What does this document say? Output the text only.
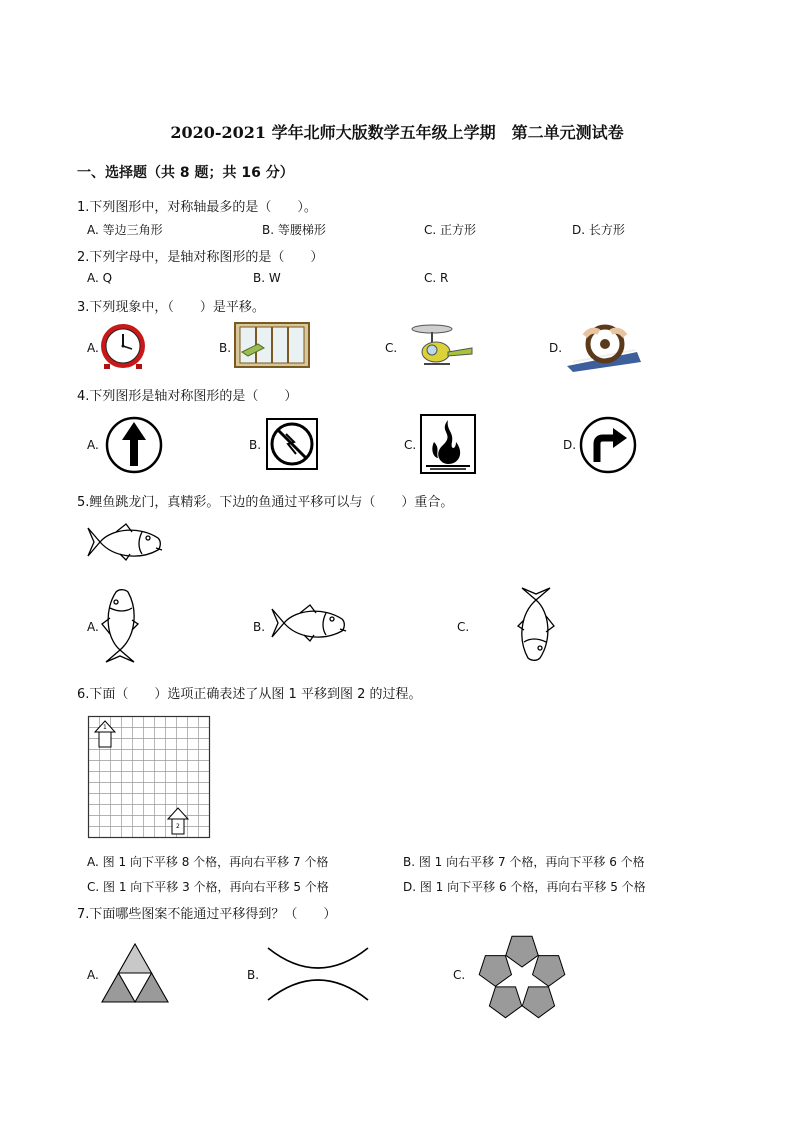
2020-2021 学年北师大版数学五年级上学期　第二单元测试卷
一、选择题（共 8 题；共 16 分）
1.下列图形中，对称轴最多的是（　　）。
A. 等边三角形	B. 等腰梯形	C. 正方形	D. 长方形
2.下列字母中，是轴对称图形的是（　　）
A. Q	B. W	C. R
3.下列现象中，（　　）是平移。
A.	B.	C.	D.
4.下列图形是轴对称图形的是（　　）
A.	B.	C.	D.
5.鲤鱼跳龙门，真精彩。下边的鱼通过平移可以与（　　）重合。
A.	B.	C.
6.下面（　　）选项正确表述了从图 1 平移到图 2 的过程。
1
2
A. 图 1 向下平移 8 个格，再向右平移 7 个格	B. 图 1 向右平移 7 个格，再向下平移 6 个格
C. 图 1 向下平移 3 个格，再向右平移 5 个格	D. 图 1 向下平移 6 个格，再向右平移 5 个格
7.下面哪些图案不能通过平移得到？（　　）
A.	B.	C.
